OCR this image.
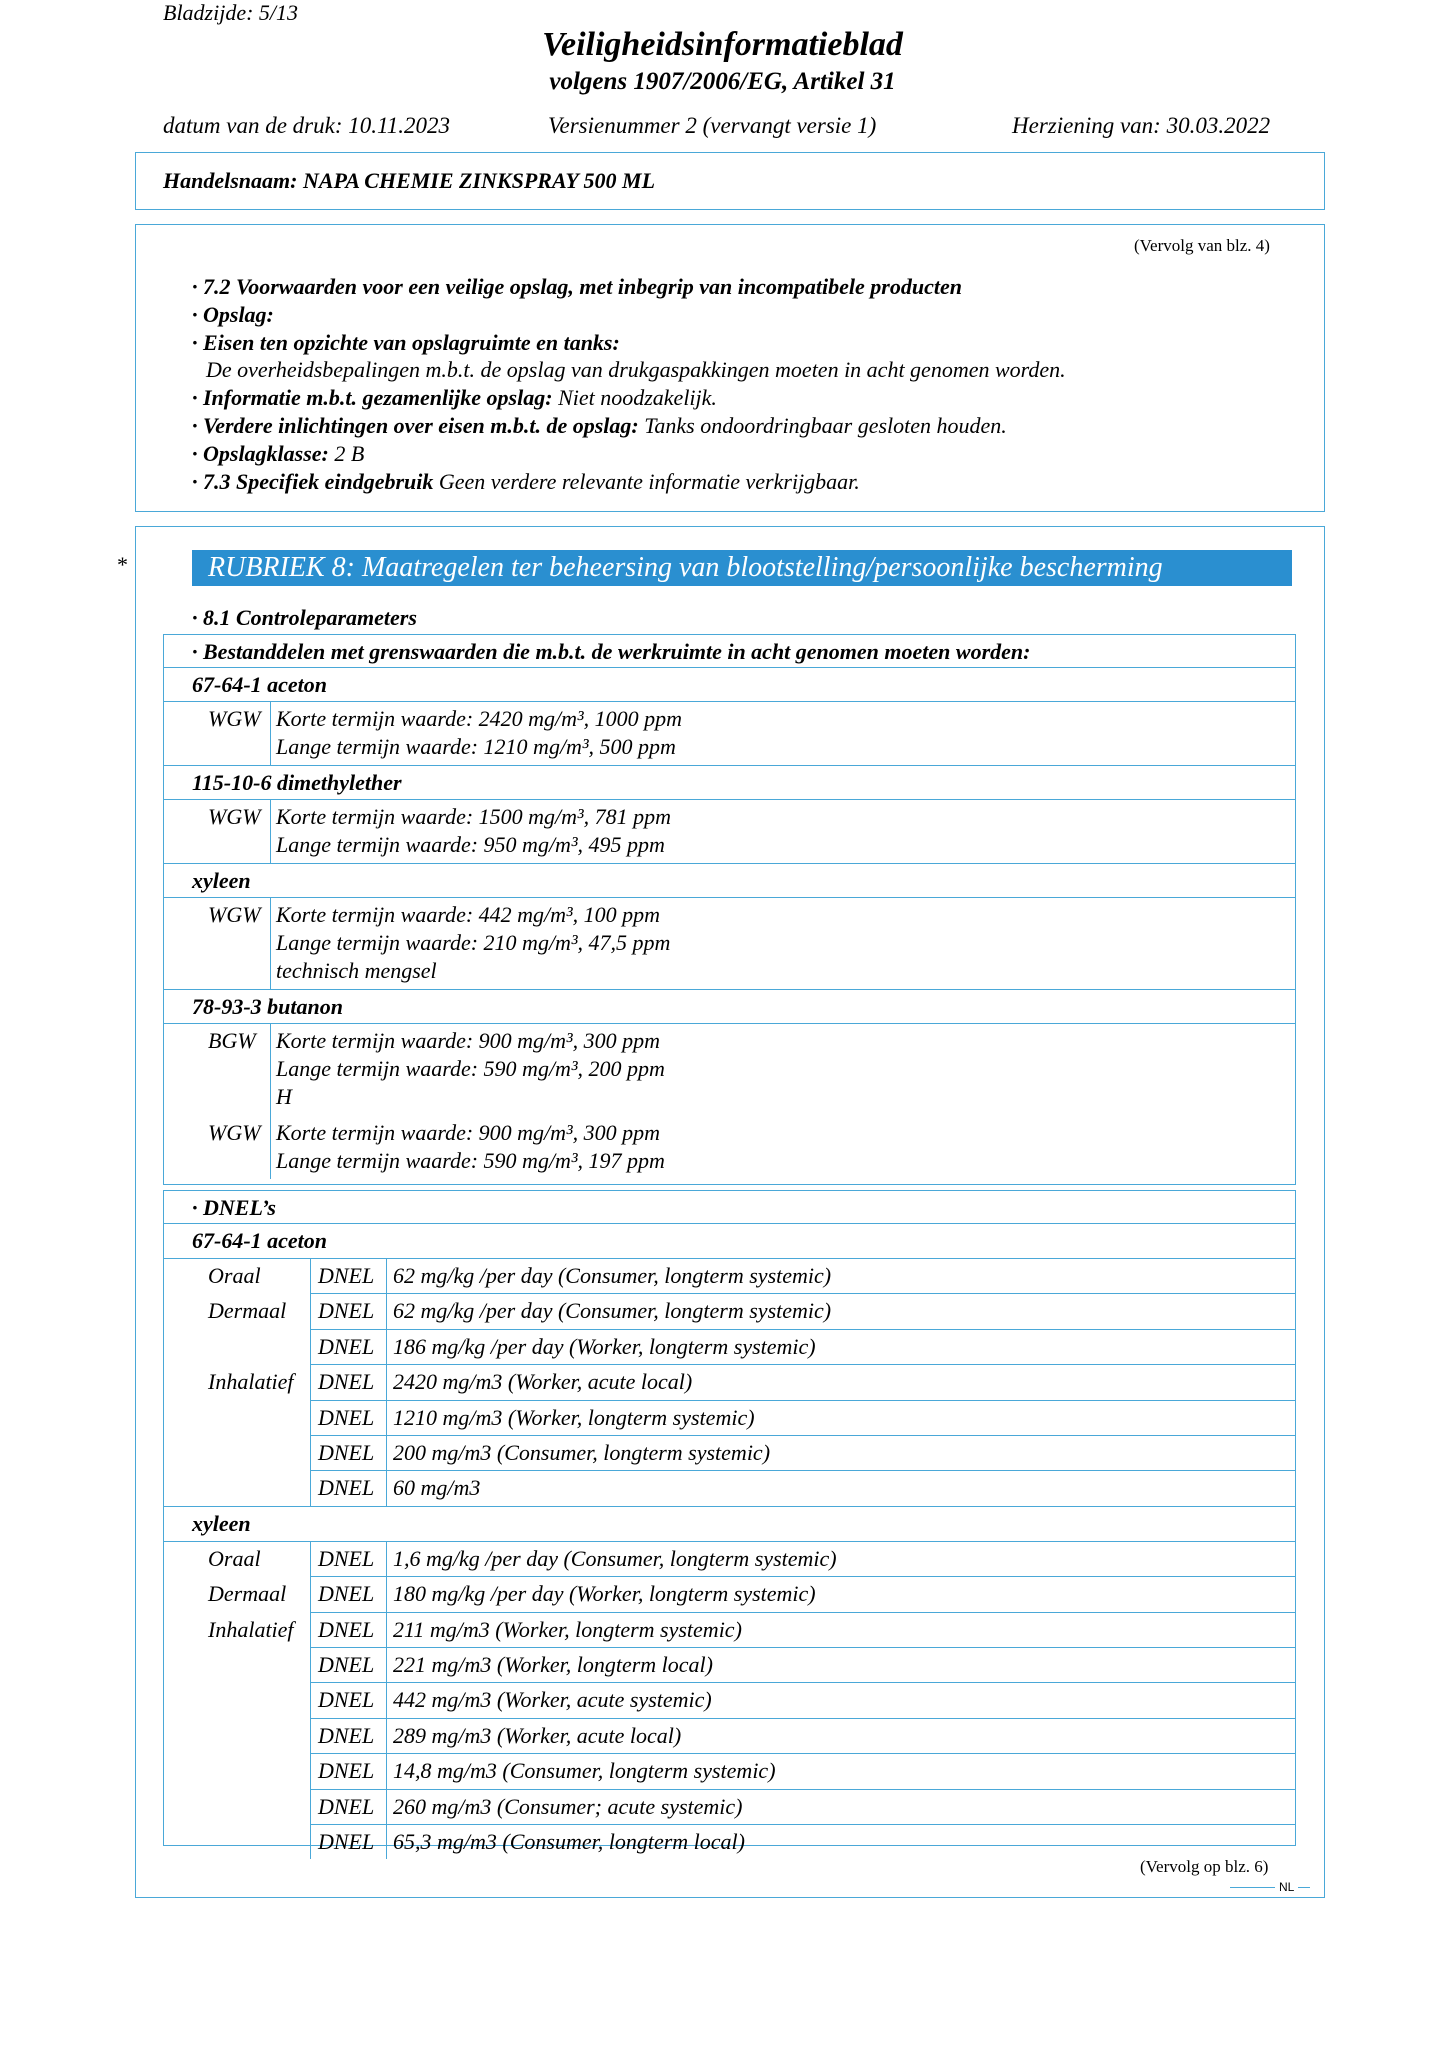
Bladzijde: 5/13
Veiligheidsinformatieblad
volgens 1907/2006/EG, Artikel 31
datum van de druk: 10.11.2023	Versienummer 2 (vervangt versie 1)	Herziening van: 30.03.2022
Handelsnaam: NAPA CHEMIE ZINKSPRAY 500 ML
(Vervolg van blz. 4)
· 7.2 Voorwaarden voor een veilige opslag, met inbegrip van incompatibele producten
· Opslag:
· Eisen ten opzichte van opslagruimte en tanks:
De overheidsbepalingen m.b.t. de opslag van drukgaspakkingen moeten in acht genomen worden.
· Informatie m.b.t. gezamenlijke opslag: Niet noodzakelijk.
· Verdere inlichtingen over eisen m.b.t. de opslag: Tanks ondoordringbaar gesloten houden.
· Opslagklasse: 2 B
· 7.3 Specifiek eindgebruik Geen verdere relevante informatie verkrijgbaar.
*	RUBRIEK 8: Maatregelen ter beheersing van blootstelling/persoonlijke bescherming
· 8.1 Controleparameters
· Bestanddelen met grenswaarden die m.b.t. de werkruimte in acht genomen moeten worden:
67-64-1 aceton
WGW Korte termijn waarde: 2420 mg/m³, 1000 ppm
Lange termijn waarde: 1210 mg/m³, 500 ppm
115-10-6 dimethylether
WGW Korte termijn waarde: 1500 mg/m³, 781 ppm
Lange termijn waarde: 950 mg/m³, 495 ppm
xyleen
WGW Korte termijn waarde: 442 mg/m³, 100 ppm
Lange termijn waarde: 210 mg/m³, 47,5 ppm
technisch mengsel
78-93-3 butanon
BGW Korte termijn waarde: 900 mg/m³, 300 ppm
Lange termijn waarde: 590 mg/m³, 200 ppm
H
WGW Korte termijn waarde: 900 mg/m³, 300 ppm
Lange termijn waarde: 590 mg/m³, 197 ppm
· DNEL’s
67-64-1 aceton
Oraal	DNEL 62 mg/kg /per day (Consumer, longterm systemic)
Dermaal DNEL 62 mg/kg /per day (Consumer, longterm systemic)
DNEL 186 mg/kg /per day (Worker, longterm systemic)
Inhalatief DNEL 2420 mg/m3 (Worker, acute local)
DNEL 1210 mg/m3 (Worker, longterm systemic)
DNEL 200 mg/m3 (Consumer, longterm systemic)
DNEL 60 mg/m3
xyleen
Oraal	DNEL 1,6 mg/kg /per day (Consumer, longterm systemic)
Dermaal DNEL 180 mg/kg /per day (Worker, longterm systemic)
Inhalatief DNEL 211 mg/m3 (Worker, longterm systemic)
DNEL 221 mg/m3 (Worker, longterm local)
DNEL 442 mg/m3 (Worker, acute systemic)
DNEL 289 mg/m3 (Worker, acute local)
DNEL 14,8 mg/m3 (Consumer, longterm systemic)
DNEL 260 mg/m3 (Consumer; acute systemic)
DNEL 65,3 mg/m3 (Consumer, longterm local)
(Vervolg op blz. 6)
NL
